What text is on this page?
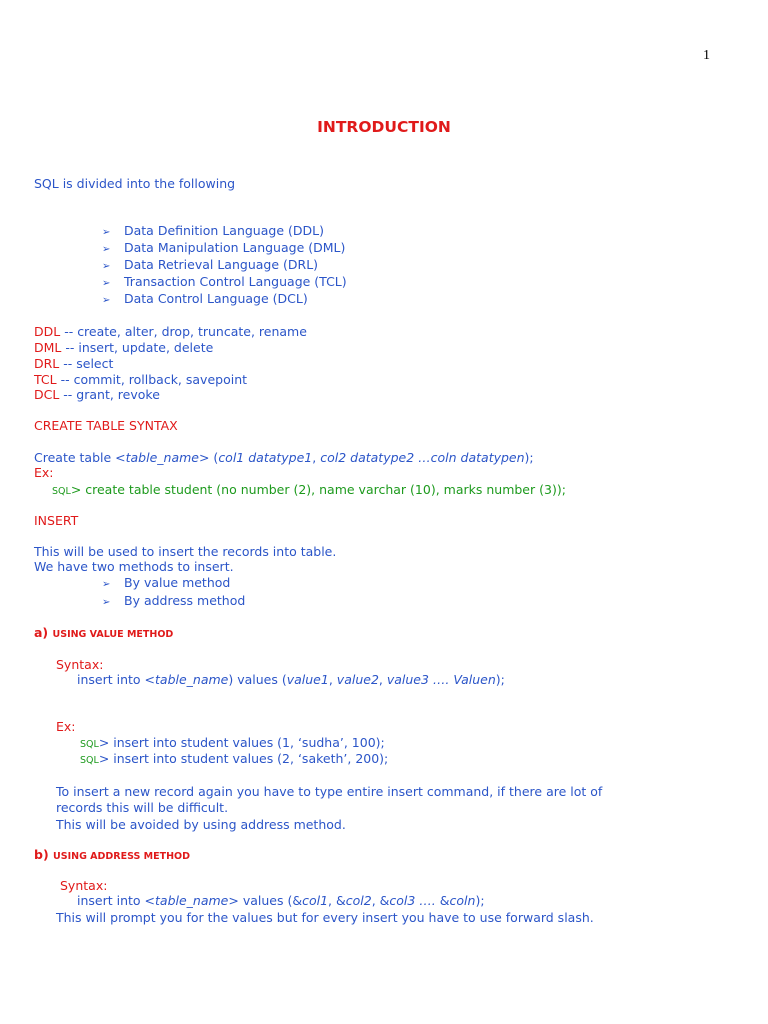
1
INTRODUCTION
SQL is divided into the following
➢ Data Definition Language (DDL)
➢ Data Manipulation Language (DML)
➢ Data Retrieval Language (DRL)
➢ Transaction Control Language (TCL)
➢ Data Control Language (DCL)
DDL -- create, alter, drop, truncate, rename
DML -- insert, update, delete
DRL -- select
TCL -- commit, rollback, savepoint
DCL -- grant, revoke
CREATE TABLE SYNTAX
Create table <table_name> (col1 datatype1, col2 datatype2 …coln datatypen);
Ex:
SQL> create table student (no number (2), name varchar (10), marks number (3));
INSERT
This will be used to insert the records into table.
We have two methods to insert.
➢ By value method
➢ By address method
a) USING VALUE METHOD
Syntax:
insert into <table_name) values (value1, value2, value3 …. Valuen);
Ex:
SQL> insert into student values (1, ‘sudha’, 100);
SQL> insert into student values (2, ‘saketh’, 200);
To insert a new record again you have to type entire insert command, if there are lot of
records this will be difficult.
This will be avoided by using address method.
b) USING ADDRESS METHOD
Syntax:
insert into <table_name> values (&col1, &col2, &col3 …. &coln);
This will prompt you for the values but for every insert you have to use forward slash.
